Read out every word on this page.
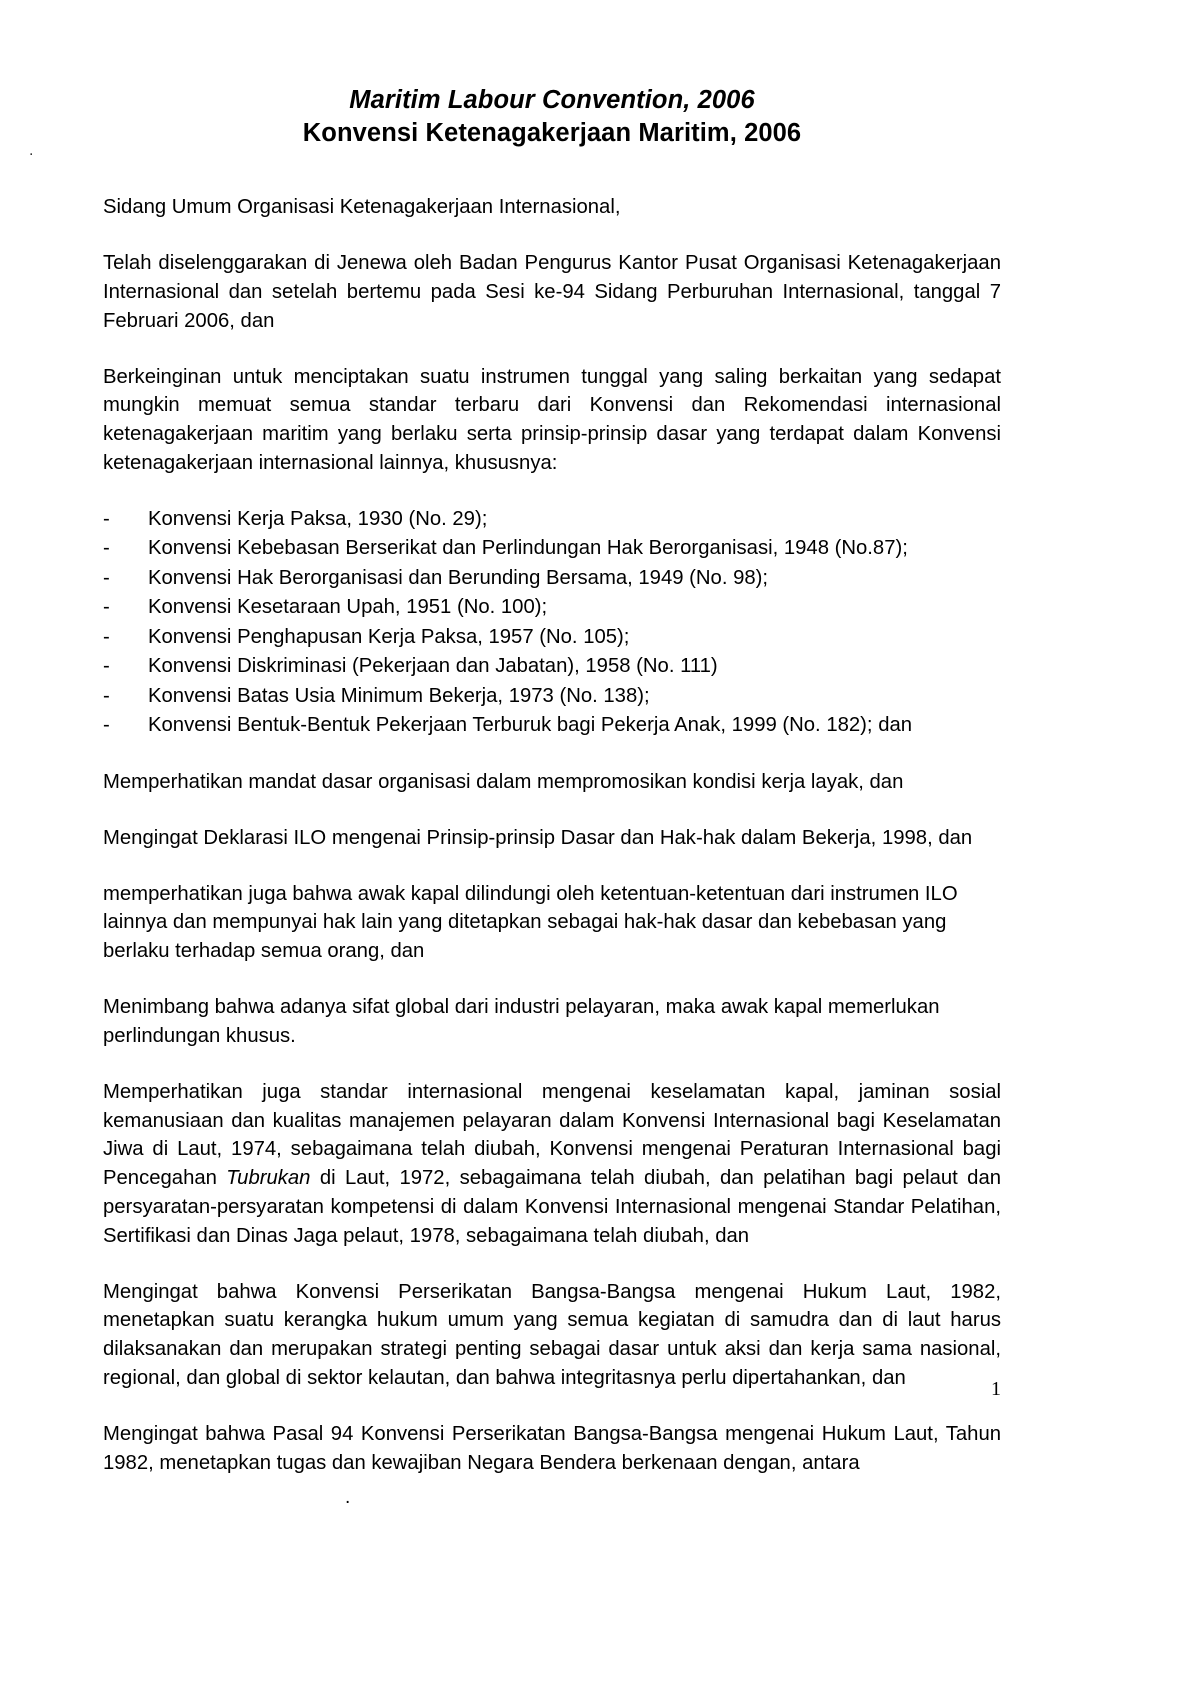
.
Maritim Labour Convention, 2006
Konvensi Ketenagakerjaan Maritim, 2006

Sidang Umum Organisasi Ketenagakerjaan Internasional,

Telah diselenggarakan di Jenewa oleh Badan Pengurus Kantor Pusat Organisasi Ketenagakerjaan Internasional dan setelah bertemu pada Sesi ke-94 Sidang Perburuhan Internasional, tanggal 7 Februari 2006, dan

Berkeinginan untuk menciptakan suatu instrumen tunggal yang saling berkaitan yang sedapat mungkin memuat semua standar terbaru dari Konvensi dan Rekomendasi internasional ketenagakerjaan maritim yang berlaku serta prinsip-prinsip dasar yang terdapat dalam Konvensi ketenagakerjaan internasional lainnya, khususnya:

-	Konvensi Kerja Paksa, 1930 (No. 29);
-	Konvensi Kebebasan Berserikat dan Perlindungan Hak Berorganisasi, 1948 (No.87);
-	Konvensi Hak Berorganisasi dan Berunding Bersama, 1949 (No. 98);
-	Konvensi Kesetaraan Upah, 1951 (No. 100);
-	Konvensi Penghapusan Kerja Paksa, 1957 (No. 105);
-	Konvensi Diskriminasi (Pekerjaan dan Jabatan), 1958 (No. 111)
-	Konvensi Batas Usia Minimum Bekerja, 1973 (No. 138);
-	Konvensi Bentuk-Bentuk Pekerjaan Terburuk bagi Pekerja Anak, 1999 (No. 182); dan

Memperhatikan mandat dasar organisasi dalam mempromosikan kondisi kerja layak, dan

Mengingat Deklarasi ILO mengenai Prinsip-prinsip Dasar dan Hak-hak dalam Bekerja, 1998, dan

memperhatikan juga bahwa awak kapal dilindungi oleh ketentuan-ketentuan dari instrumen ILO lainnya dan mempunyai hak lain yang ditetapkan sebagai hak-hak dasar dan kebebasan yang berlaku terhadap semua orang, dan

Menimbang bahwa adanya sifat global dari industri pelayaran, maka awak kapal memerlukan perlindungan khusus.

Memperhatikan juga standar internasional mengenai keselamatan kapal, jaminan sosial kemanusiaan dan kualitas manajemen pelayaran dalam Konvensi Internasional bagi Keselamatan Jiwa di Laut, 1974, sebagaimana telah diubah, Konvensi mengenai Peraturan Internasional bagi Pencegahan Tubrukan di Laut, 1972, sebagaimana telah diubah, dan pelatihan bagi pelaut dan persyaratan-persyaratan kompetensi di dalam Konvensi Internasional mengenai Standar Pelatihan, Sertifikasi dan Dinas Jaga pelaut, 1978, sebagaimana telah diubah, dan

Mengingat bahwa Konvensi Perserikatan Bangsa-Bangsa mengenai Hukum Laut, 1982, menetapkan suatu kerangka hukum umum yang semua kegiatan di samudra dan di laut harus dilaksanakan dan merupakan strategi penting sebagai dasar untuk aksi dan kerja sama nasional, regional, dan global di sektor kelautan, dan bahwa integritasnya perlu dipertahankan, dan

Mengingat bahwa Pasal 94 Konvensi Perserikatan Bangsa-Bangsa mengenai Hukum Laut, Tahun 1982, menetapkan tugas dan kewajiban Negara Bendera berkenaan dengan, antara

1
.
